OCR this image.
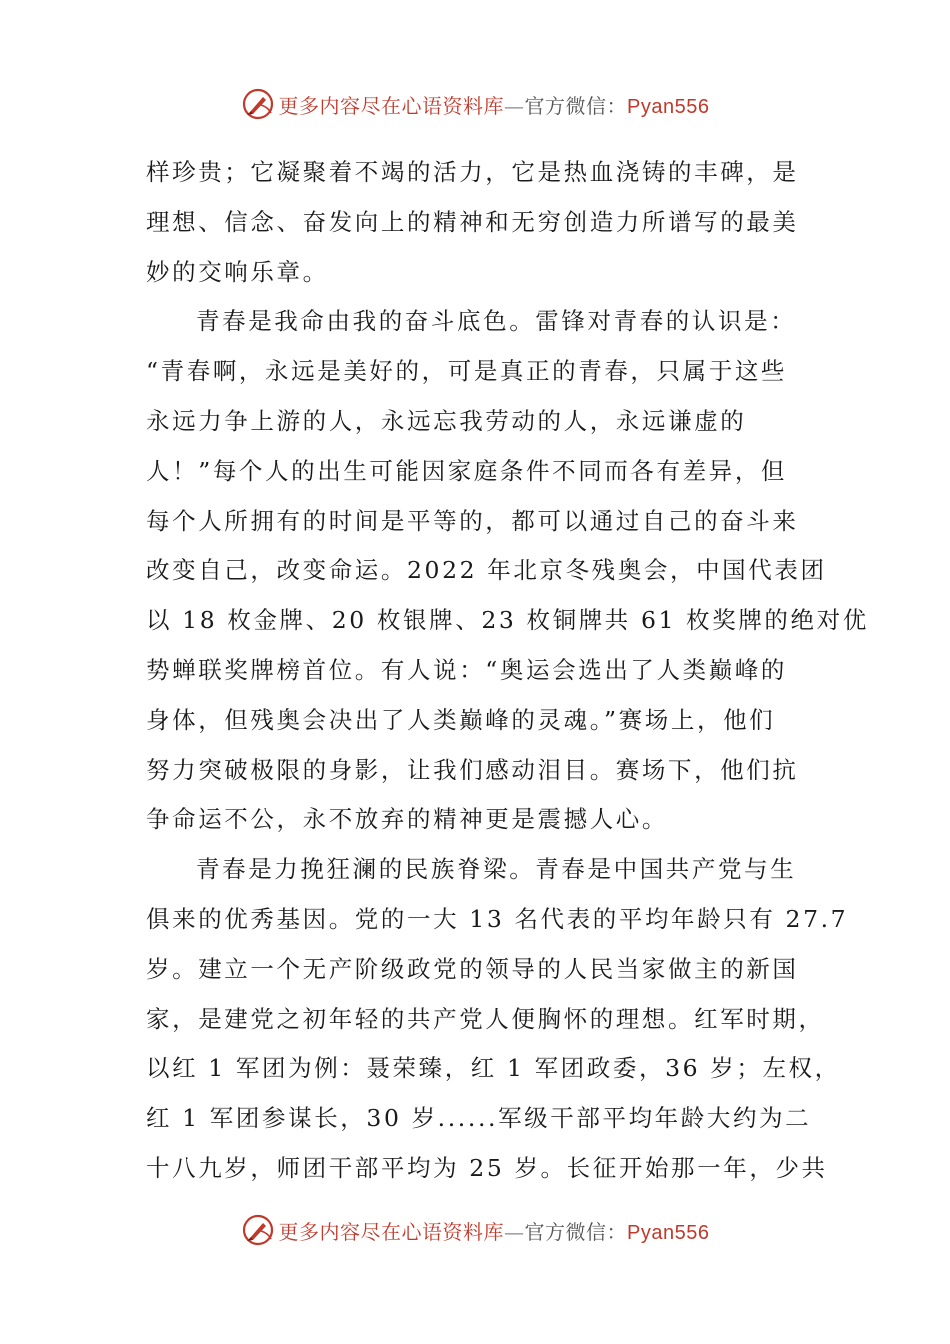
更多内容尽在心语资料库—官方微信：Pyan556
样珍贵；它凝聚着不竭的活力，它是热血浇铸的丰碑，是
理想、信念、奋发向上的精神和无穷创造力所谱写的最美
妙的交响乐章。
青春是我命由我的奋斗底色。雷锋对青春的认识是：
“青春啊，永远是美好的，可是真正的青春，只属于这些
永远力争上游的人，永远忘我劳动的人，永远谦虚的
人！”每个人的出生可能因家庭条件不同而各有差异，但
每个人所拥有的时间是平等的，都可以通过自己的奋斗来
改变自己，改变命运。2022 年北京冬残奥会，中国代表团
以 18 枚金牌、20 枚银牌、23 枚铜牌共 61 枚奖牌的绝对优
势蝉联奖牌榜首位。有人说：“奥运会选出了人类巅峰的
身体，但残奥会决出了人类巅峰的灵魂。”赛场上，他们
努力突破极限的身影，让我们感动泪目。赛场下，他们抗
争命运不公，永不放弃的精神更是震撼人心。
青春是力挽狂澜的民族脊梁。青春是中国共产党与生
俱来的优秀基因。党的一大 13 名代表的平均年龄只有 27.7
岁。建立一个无产阶级政党的领导的人民当家做主的新国
家，是建党之初年轻的共产党人便胸怀的理想。红军时期，
以红 1 军团为例：聂荣臻，红 1 军团政委，36 岁；左权，
红 1 军团参谋长，30 岁......军级干部平均年龄大约为二
十八九岁，师团干部平均为 25 岁。长征开始那一年，少共
更多内容尽在心语资料库—官方微信：Pyan556
